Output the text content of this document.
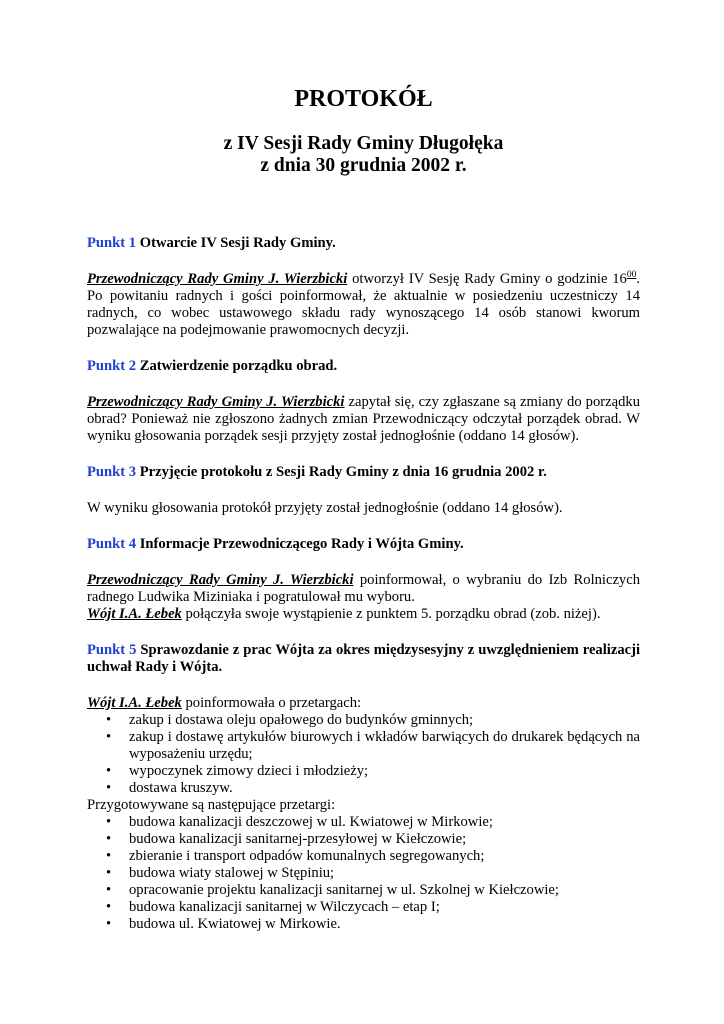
PROTOKÓŁ
z IV Sesji Rady Gminy Długołęka
z dnia 30 grudnia 2002 r.

Punkt 1 Otwarcie IV Sesji Rady Gminy.

Przewodniczący Rady Gminy J. Wierzbicki otworzył IV Sesję Rady Gminy o godzinie $16^{00}$. Po powitaniu radnych i gości poinformował, że aktualnie w posiedzeniu uczestniczy 14 radnych, co wobec ustawowego składu rady wynoszącego 14 osób stanowi kworum pozwalające na podejmowanie prawomocnych decyzji.

Punkt 2 Zatwierdzenie porządku obrad.

Przewodniczący Rady Gminy J. Wierzbicki zapytał się, czy zgłaszane są zmiany do porządku obrad? Ponieważ nie zgłoszono żadnych zmian Przewodniczący odczytał porządek obrad. W wyniku głosowania porządek sesji przyjęty został jednogłośnie (oddano 14 głosów).

Punkt 3 Przyjęcie protokołu z Sesji Rady Gminy z dnia 16 grudnia 2002 r.

W wyniku głosowania protokół przyjęty został jednogłośnie (oddano 14 głosów).

Punkt 4 Informacje Przewodniczącego Rady i Wójta Gminy.

Przewodniczący Rady Gminy J. Wierzbicki poinformował, o wybraniu do Izb Rolniczych radnego Ludwika Miziniaka i pogratulował mu wyboru.

Wójt I.A. Łebek połączyła swoje wystąpienie z punktem 5. porządku obrad (zob. niżej).

Punkt 5 Sprawozdanie z prac Wójta za okres międzysesyjny z uwzględnieniem realizacji uchwał Rady i Wójta.

Wójt I.A. Łebek poinformowała o przetargach:

• zakup i dostawa oleju opałowego do budynków gminnych;
• zakup i dostawę artykułów biurowych i wkładów barwiących do drukarek będących na wyposażeniu urzędu;
• wypoczynek zimowy dzieci i młodzieży;
• dostawa kruszyw.

Przygotowywane są następujące przetargi:

• budowa kanalizacji deszczowej w ul. Kwiatowej w Mirkowie;
• budowa kanalizacji sanitarnej-przesyłowej w Kiełczowie;
• zbieranie i transport odpadów komunalnych segregowanych;
• budowa wiaty stalowej w Stępiniu;
• opracowanie projektu kanalizacji sanitarnej w ul. Szkolnej w Kiełczowie;
• budowa kanalizacji sanitarnej w Wilczycach – etap I;
• budowa ul. Kwiatowej w Mirkowie.
